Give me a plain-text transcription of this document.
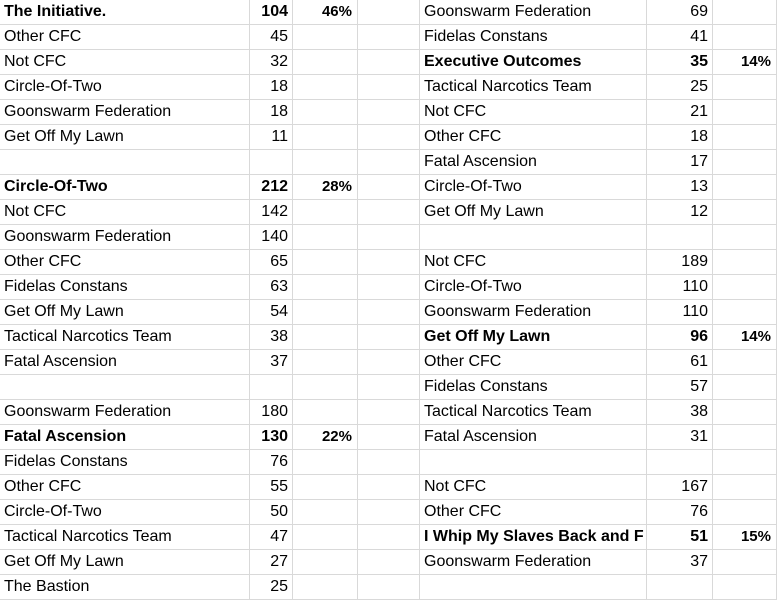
The Initiative.	104	46%
Other CFC	45
Not CFC	32
Circle-Of-Two	18
Goonswarm Federation	18
Get Off My Lawn	11
Circle-Of-Two	212	28%
Not CFC	142
Goonswarm Federation	140
Other CFC	65
Fidelas Constans	63
Get Off My Lawn	54
Tactical Narcotics Team	38
Fatal Ascension	37
Goonswarm Federation	180
Fatal Ascension	130	22%
Fidelas Constans	76
Other CFC	55
Circle-Of-Two	50
Tactical Narcotics Team	47
Get Off My Lawn	27
The Bastion	25
Goonswarm Federation	69
Fidelas Constans	41
Executive Outcomes	35	14%
Tactical Narcotics Team	25
Not CFC	21
Other CFC	18
Fatal Ascension	17
Circle-Of-Two	13
Get Off My Lawn	12
Not CFC	189
Circle-Of-Two	110
Goonswarm Federation	110
Get Off My Lawn	96	14%
Other CFC	61
Fidelas Constans	57
Tactical Narcotics Team	38
Fatal Ascension	31
Not CFC	167
Other CFC	76
I Whip My Slaves Back and F	51	15%
Goonswarm Federation	37
